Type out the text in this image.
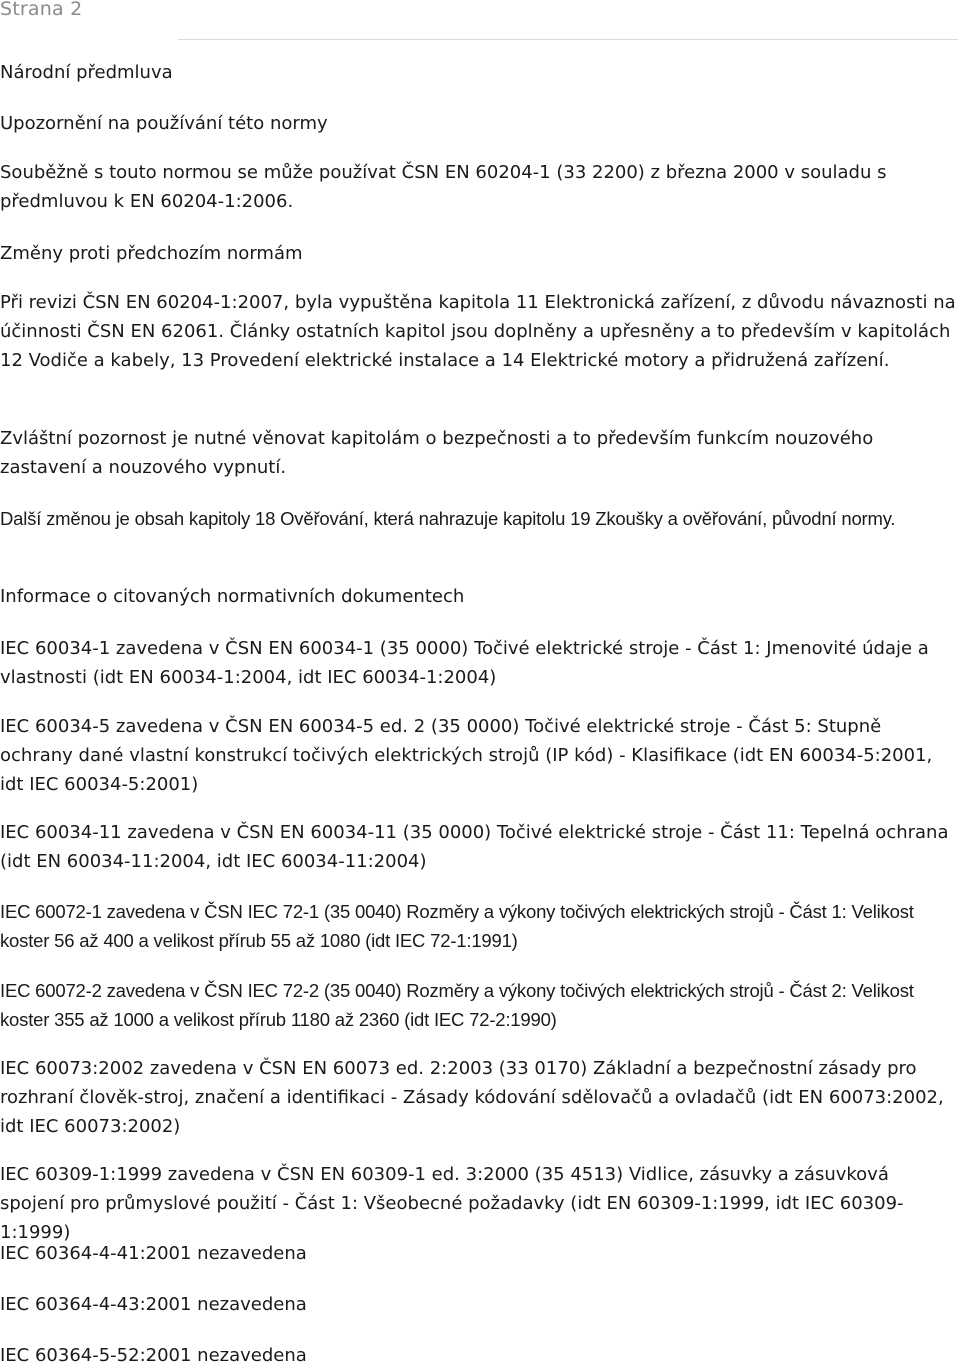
Strana 2
Národní předmluva
Upozornění na používání této normy
Souběžně s touto normou se může používat ČSN EN 60204-1 (33 2200) z března 2000 v souladu s předmluvou k EN 60204-1:2006.
Změny proti předchozím normám
Při revizi ČSN EN 60204-1:2007, byla vypuštěna kapitola 11 Elektronická zařízení, z důvodu návaznosti na účinnosti ČSN EN 62061. Články ostatních kapitol jsou doplněny a upřesněny a to především v kapitolách 12 Vodiče a kabely, 13 Provedení elektrické instalace a 14 Elektrické motory a přidružená zařízení.
Zvláštní pozornost je nutné věnovat kapitolám o bezpečnosti a to především funkcím nouzového zastavení a nouzového vypnutí.
Další změnou je obsah kapitoly 18 Ověřování, která nahrazuje kapitolu 19 Zkoušky a ověřování, původní normy.
Informace o citovaných normativních dokumentech
IEC 60034-1 zavedena v ČSN EN 60034-1 (35 0000) Točivé elektrické stroje - Část 1: Jmenovité údaje a vlastnosti (idt EN 60034-1:2004, idt IEC 60034-1:2004)
IEC 60034-5 zavedena v ČSN EN 60034-5 ed. 2 (35 0000) Točivé elektrické stroje - Část 5: Stupně ochrany dané vlastní konstrukcí točivých elektrických strojů (IP kód) - Klasifikace (idt EN 60034-5:2001, idt IEC 60034-5:2001)
IEC 60034-11 zavedena v ČSN EN 60034-11 (35 0000) Točivé elektrické stroje - Část 11: Tepelná ochrana (idt EN 60034-11:2004, idt IEC 60034-11:2004)
IEC 60072-1 zavedena v ČSN IEC 72-1 (35 0040) Rozměry a výkony točivých elektrických strojů - Část 1: Velikost koster 56 až 400 a velikost přírub 55 až 1080 (idt IEC 72-1:1991)
IEC 60072-2 zavedena v ČSN IEC 72-2 (35 0040) Rozměry a výkony točivých elektrických strojů - Část 2: Velikost koster 355 až 1000 a velikost přírub 1180 až 2360 (idt IEC 72-2:1990)
IEC 60073:2002 zavedena v ČSN EN 60073 ed. 2:2003 (33 0170) Základní a bezpečnostní zásady pro rozhraní člověk-stroj, značení a identifikaci - Zásady kódování sdělovačů a ovladačů (idt EN 60073:2002, idt IEC 60073:2002)
IEC 60309-1:1999 zavedena v ČSN EN 60309-1 ed. 3:2000 (35 4513) Vidlice, zásuvky a zásuvková spojení pro průmyslové použití - Část 1: Všeobecné požadavky (idt EN 60309-1:1999, idt IEC 60309-1:1999)
IEC 60364-4-41:2001 nezavedena
IEC 60364-4-43:2001 nezavedena
IEC 60364-5-52:2001 nezavedena
